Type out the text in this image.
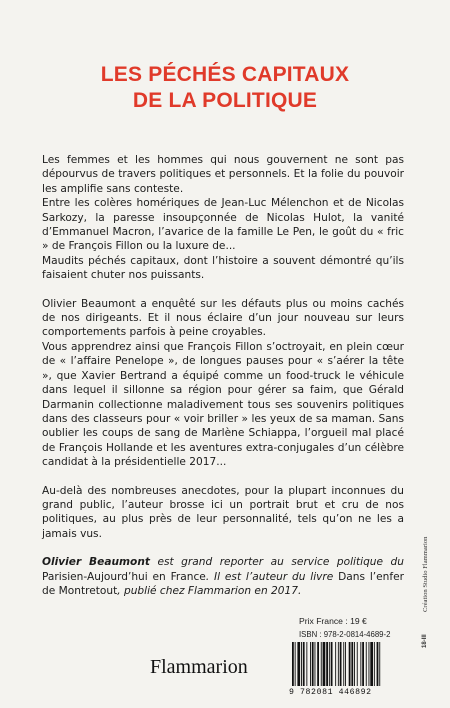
LES PÉCHÉS CAPITAUX
DE LA POLITIQUE

Les femmes et les hommes qui nous gouvernent ne sont pas dépourvus de travers politiques et personnels. Et la folie du pouvoir les amplifie sans conteste.

Entre les colères homériques de Jean-Luc Mélenchon et de Nicolas Sarkozy, la paresse insoupçonnée de Nicolas Hulot, la vanité d’Emmanuel Macron, l’avarice de la famille Le Pen, le goût du « fric » de François Fillon ou la luxure de...

Maudits péchés capitaux, dont l’histoire a souvent démontré qu’ils faisaient chuter nos puissants.

Olivier Beaumont a enquêté sur les défauts plus ou moins cachés de nos dirigeants. Et il nous éclaire d’un jour nouveau sur leurs comportements parfois à peine croyables.

Vous apprendrez ainsi que François Fillon s’octroyait, en plein cœur de « l’affaire Penelope », de longues pauses pour « s’aérer la tête », que Xavier Bertrand a équipé comme un food-truck le véhicule dans lequel il sillonne sa région pour gérer sa faim, que Gérald Darmanin collectionne maladivement tous ses souvenirs politiques dans des classeurs pour « voir briller » les yeux de sa maman. Sans oublier les coups de sang de Marlène Schiappa, l’orgueil mal placé de François Hollande et les aventures extra-conjugales d’un célèbre candidat à la présidentielle 2017...

Au-delà des nombreuses anecdotes, pour la plupart inconnues du grand public, l’auteur brosse ici un portrait brut et cru de nos politiques, au plus près de leur personnalité, tels qu’on ne les a jamais vus.

Olivier Beaumont est grand reporter au service politique du Parisien-Aujourd’hui en France. Il est l’auteur du livre Dans l’enfer de Montretout, publié chez Flammarion en 2017.	Création Studio Flammarion
18-III
Prix France : 19 €
ISBN : 978-2-0814-4689-2
9 782081 446892
Flammarion
